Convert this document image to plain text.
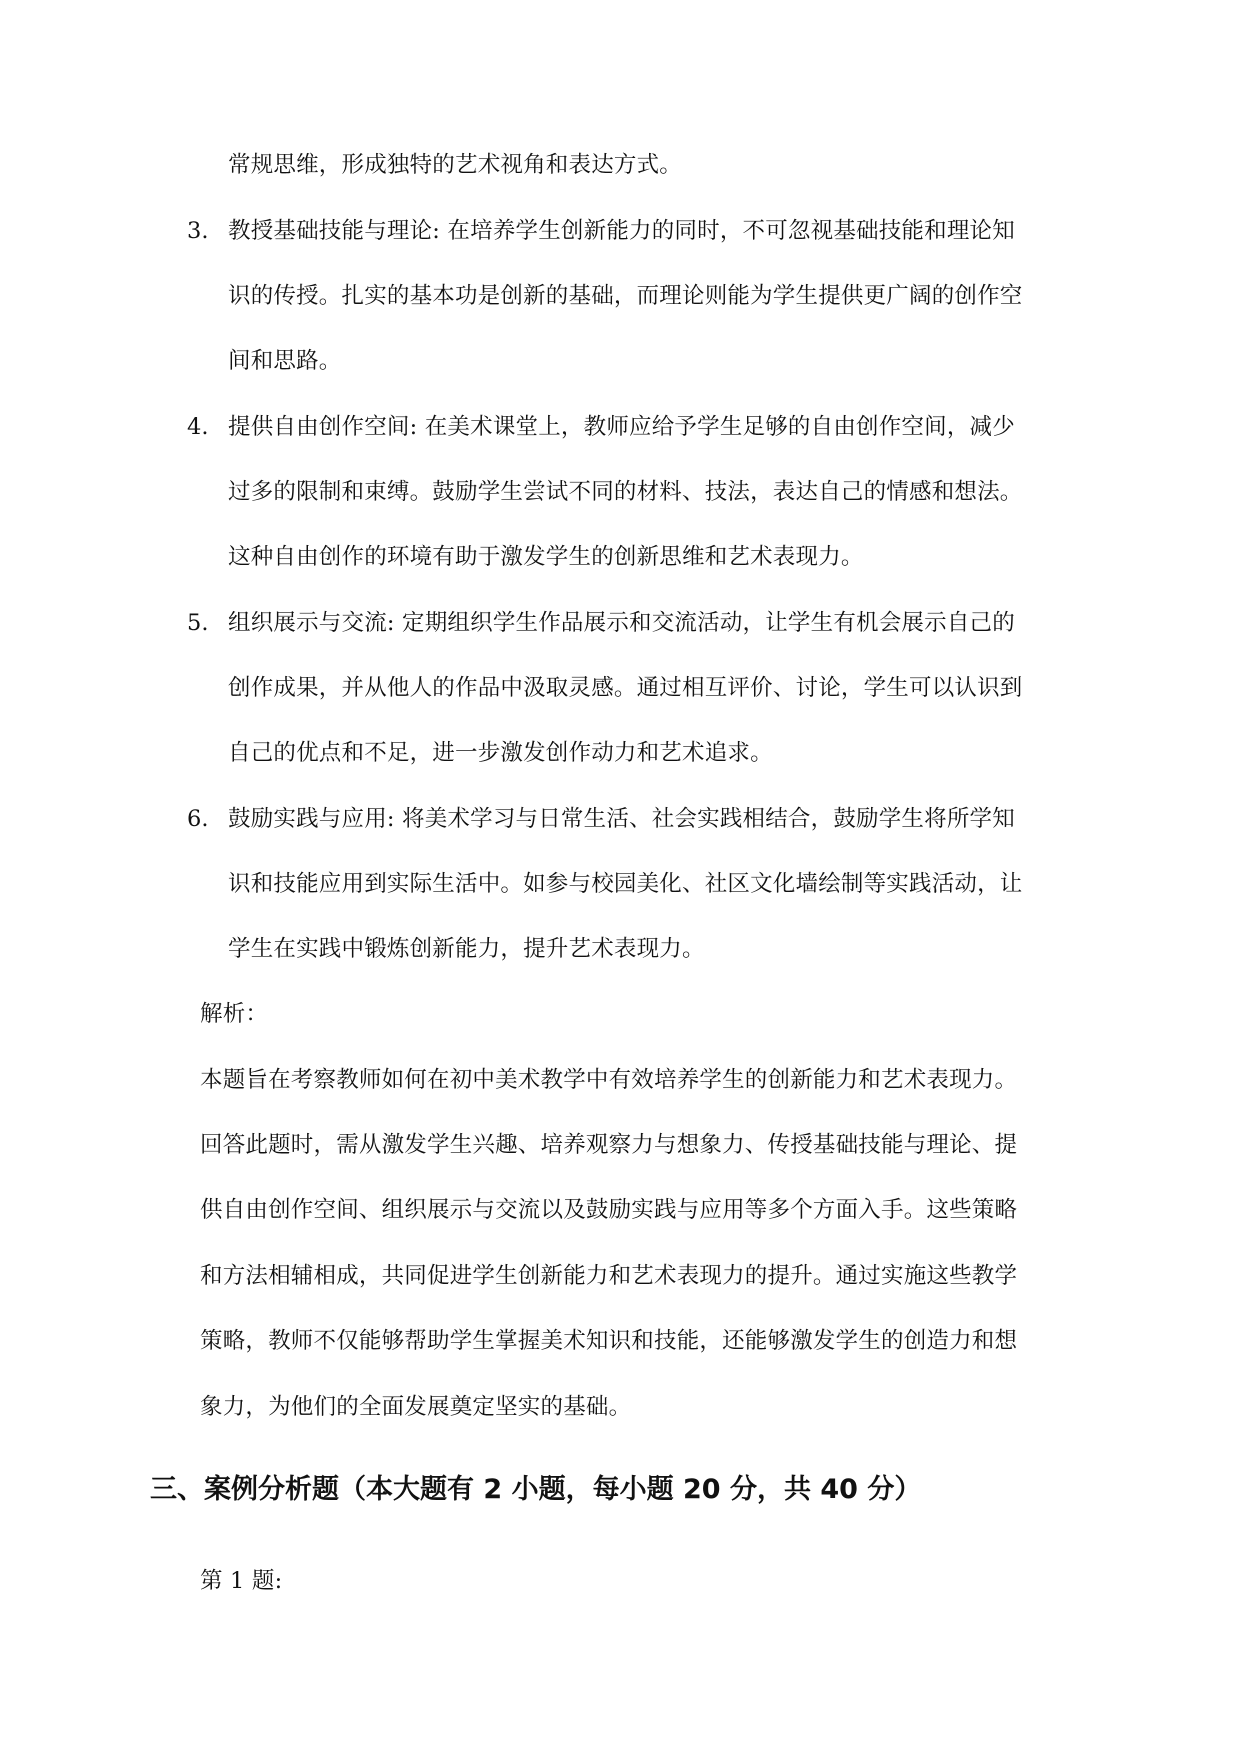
常规思维，形成独特的艺术视角和表达方式。
3. 教授基础技能与理论: 在培养学生创新能力的同时，不可忽视基础技能和理论知
识的传授。扎实的基本功是创新的基础，而理论则能为学生提供更广阔的创作空
间和思路。
4. 提供自由创作空间: 在美术课堂上，教师应给予学生足够的自由创作空间，减少
过多的限制和束缚。鼓励学生尝试不同的材料、技法，表达自己的情感和想法。
这种自由创作的环境有助于激发学生的创新思维和艺术表现力。
5. 组织展示与交流: 定期组织学生作品展示和交流活动，让学生有机会展示自己的
创作成果，并从他人的作品中汲取灵感。通过相互评价、讨论，学生可以认识到
自己的优点和不足，进一步激发创作动力和艺术追求。
6. 鼓励实践与应用: 将美术学习与日常生活、社会实践相结合，鼓励学生将所学知
识和技能应用到实际生活中。如参与校园美化、社区文化墙绘制等实践活动，让
学生在实践中锻炼创新能力，提升艺术表现力。
解析：
本题旨在考察教师如何在初中美术教学中有效培养学生的创新能力和艺术表现力。
回答此题时，需从激发学生兴趣、培养观察力与想象力、传授基础技能与理论、提
供自由创作空间、组织展示与交流以及鼓励实践与应用等多个方面入手。这些策略
和方法相辅相成，共同促进学生创新能力和艺术表现力的提升。通过实施这些教学
策略，教师不仅能够帮助学生掌握美术知识和技能，还能够激发学生的创造力和想
象力，为他们的全面发展奠定坚实的基础。
三、案例分析题（本大题有 2 小题，每小题 20 分，共 40 分）
第 1 题:
